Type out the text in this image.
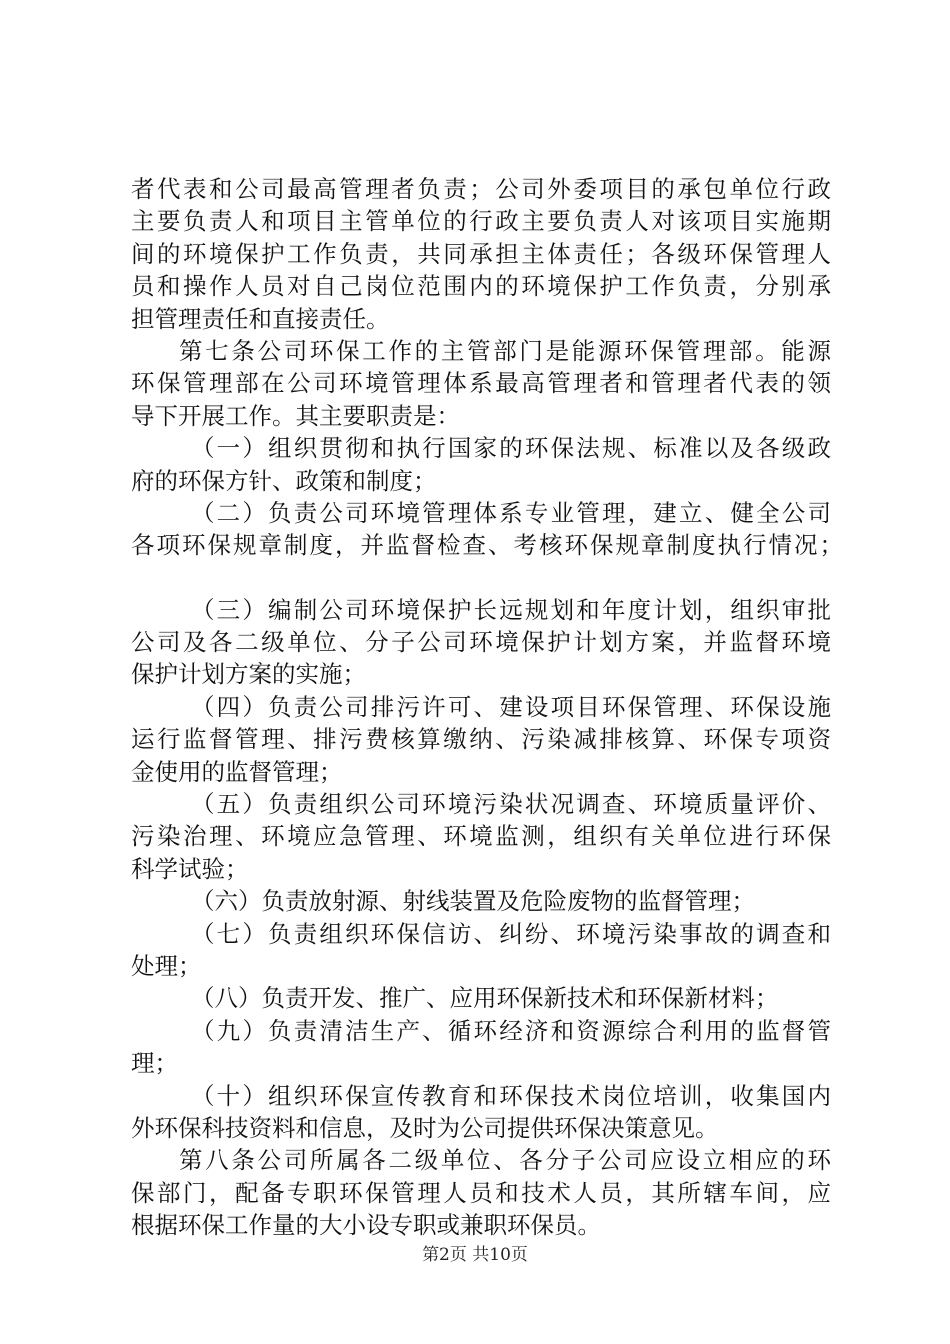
者代表和公司最高管理者负责；公司外委项目的承包单位行政
主要负责人和项目主管单位的行政主要负责人对该项目实施期
间的环境保护工作负责，共同承担主体责任；各级环保管理人
员和操作人员对自己岗位范围内的环境保护工作负责，分别承
担管理责任和直接责任。
第七条公司环保工作的主管部门是能源环保管理部。能源
环保管理部在公司环境管理体系最高管理者和管理者代表的领
导下开展工作。其主要职责是：
（一）组织贯彻和执行国家的环保法规、标准以及各级政
府的环保方针、政策和制度；
（二）负责公司环境管理体系专业管理，建立、健全公司
各项环保规章制度，并监督检查、考核环保规章制度执行情况；
（三）编制公司环境保护长远规划和年度计划，组织审批
公司及各二级单位、分子公司环境保护计划方案，并监督环境
保护计划方案的实施；
（四）负责公司排污许可、建设项目环保管理、环保设施
运行监督管理、排污费核算缴纳、污染减排核算、环保专项资
金使用的监督管理；
（五）负责组织公司环境污染状况调查、环境质量评价、
污染治理、环境应急管理、环境监测，组织有关单位进行环保
科学试验；
（六）负责放射源、射线装置及危险废物的监督管理；
（七）负责组织环保信访、纠纷、环境污染事故的调查和
处理；
（八）负责开发、推广、应用环保新技术和环保新材料；
（九）负责清洁生产、循环经济和资源综合利用的监督管
理；
（十）组织环保宣传教育和环保技术岗位培训，收集国内
外环保科技资料和信息，及时为公司提供环保决策意见。
第八条公司所属各二级单位、各分子公司应设立相应的环
保部门，配备专职环保管理人员和技术人员，其所辖车间，应
根据环保工作量的大小设专职或兼职环保员。
第2页 共10页
